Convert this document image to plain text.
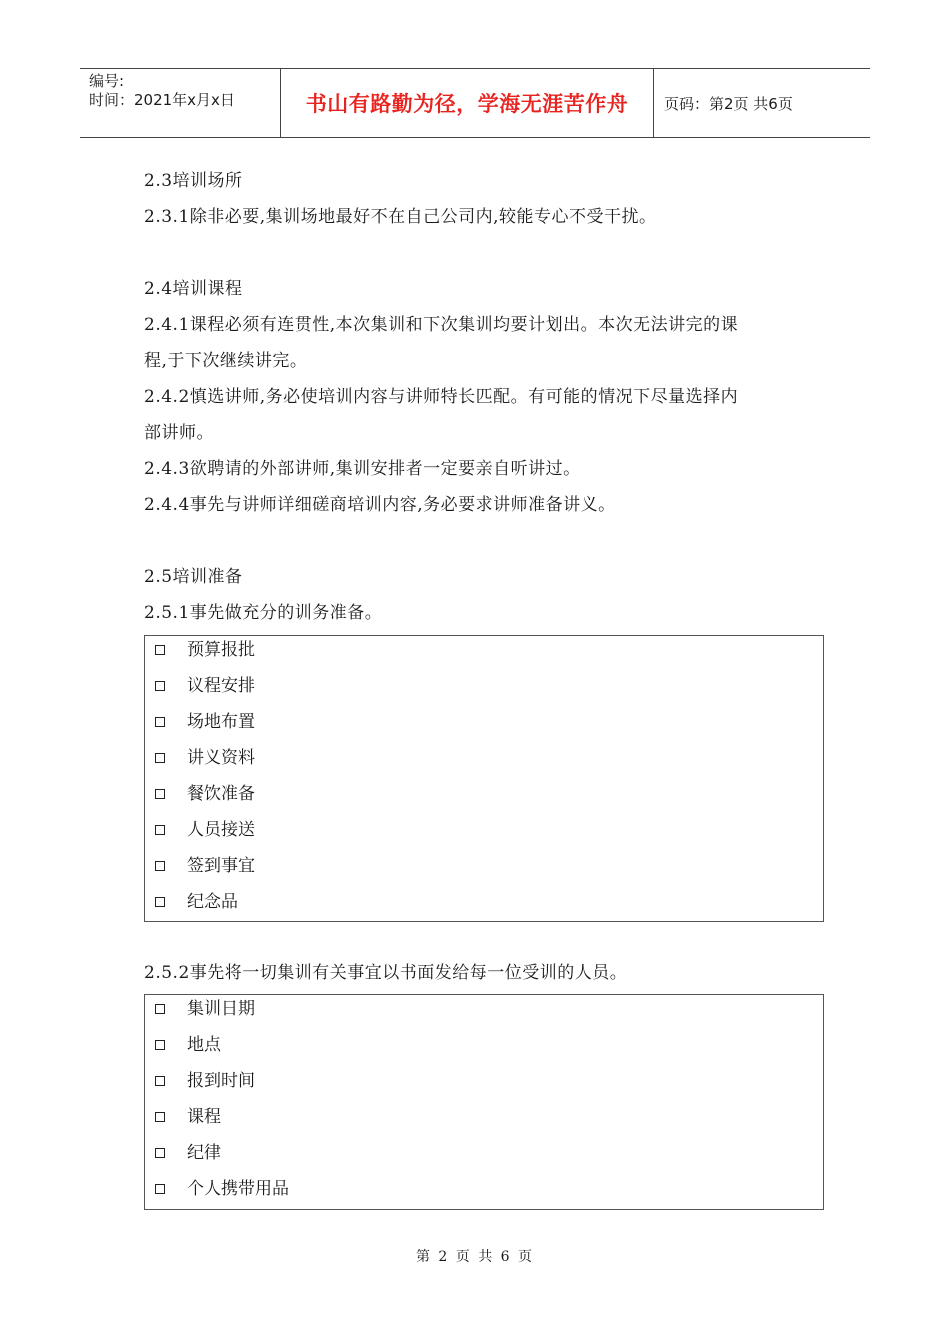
编号:
时间：2021年x月x日	书山有路勤为径，学海无涯苦作舟	页码：第2页 共6页
2.3培训场所
2.3.1除非必要,集训场地最好不在自己公司内,较能专心不受干扰。
2.4培训课程
2.4.1课程必须有连贯性,本次集训和下次集训均要计划出。本次无法讲完的课
程,于下次继续讲完。
2.4.2慎选讲师,务必使培训内容与讲师特长匹配。有可能的情况下尽量选择内
部讲师。
2.4.3欲聘请的外部讲师,集训安排者一定要亲自听讲过。
2.4.4事先与讲师详细磋商培训内容,务必要求讲师准备讲义。
2.5培训准备
2.5.1事先做充分的训务准备。
预算报批
议程安排
场地布置
讲义资料
餐饮准备
人员接送
签到事宜
纪念品
2.5.2事先将一切集训有关事宜以书面发给每一位受训的人员。
集训日期
地点
报到时间
课程
纪律
个人携带用品
第 2 页 共 6 页
